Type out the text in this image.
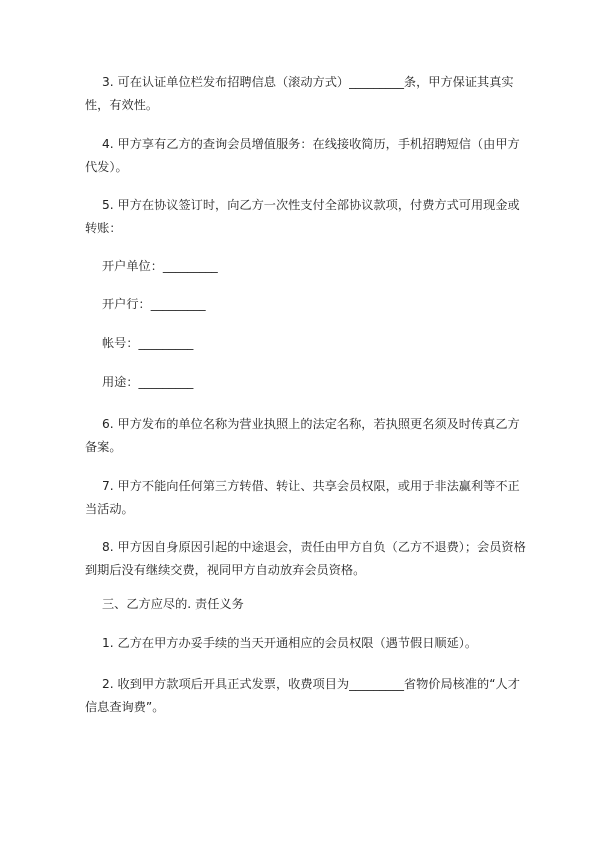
3. 可在认证单位栏发布招聘信息（滚动方式）_________条，甲方保证其真实性，有效性。

4. 甲方享有乙方的查询会员增值服务：在线接收简历，手机招聘短信（由甲方代发）。

5. 甲方在协议签订时，向乙方一次性支付全部协议款项，付费方式可用现金或转账：

开户单位：_________

开户行：_________

帐号：_________

用途：_________

6. 甲方发布的单位名称为营业执照上的法定名称，若执照更名须及时传真乙方备案。

7. 甲方不能向任何第三方转借、转让、共享会员权限，或用于非法赢利等不正当活动。

8. 甲方因自身原因引起的中途退会，责任由甲方自负（乙方不退费）；会员资格到期后没有继续交费，视同甲方自动放弃会员资格。

三、乙方应尽的. 责任义务

1. 乙方在甲方办妥手续的当天开通相应的会员权限（遇节假日顺延）。

2. 收到甲方款项后开具正式发票，收费项目为_________省物价局核准的“人才信息查询费”。
